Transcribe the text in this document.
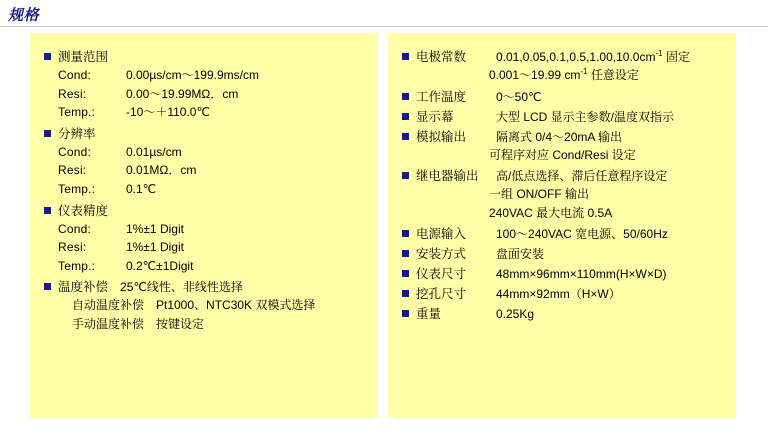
规格
测量范围
Cond:	0.00µs/cm～199.9ms/cm
Resi:	0.00～19.99MΩ．cm
Temp.:	-10～＋110.0℃
分辨率
Cond:	0.01µs/cm
Resi:	0.01MΩ．cm
Temp.:	0.1℃
仪表精度
Cond:	1%±1 Digit
Resi:	1%±1 Digit
Temp.:	0.2℃±1Digit
温度补偿 25℃线性、非线性选择
自动温度补偿　Pt1000、NTC30K 双模式选择
手动温度补偿　按键设定
电极常数	$0.01,0.05,0.1,0.5,1.00,10.0cm^{-1}$ 固定
0.001～19.99 $cm^{-1}$ 任意设定
工作温度	0～50℃
显示幕	大型 LCD 显示主参数/温度双指示
模拟输出	隔离式 0/4～20mA 输出
可程序对应 Cond/Resi 设定
继电器输出	高/低点选择、滞后任意程序设定
一组 ON/OFF 输出
240VAC 最大电流 0.5A
电源输入	100～240VAC 宽电源、50/60Hz
安装方式	盘面安装
仪表尺寸	48mm×96mm×110mm(H×W×D)
挖孔尺寸	44mm×92mm（H×W）
重量	0.25Kg
